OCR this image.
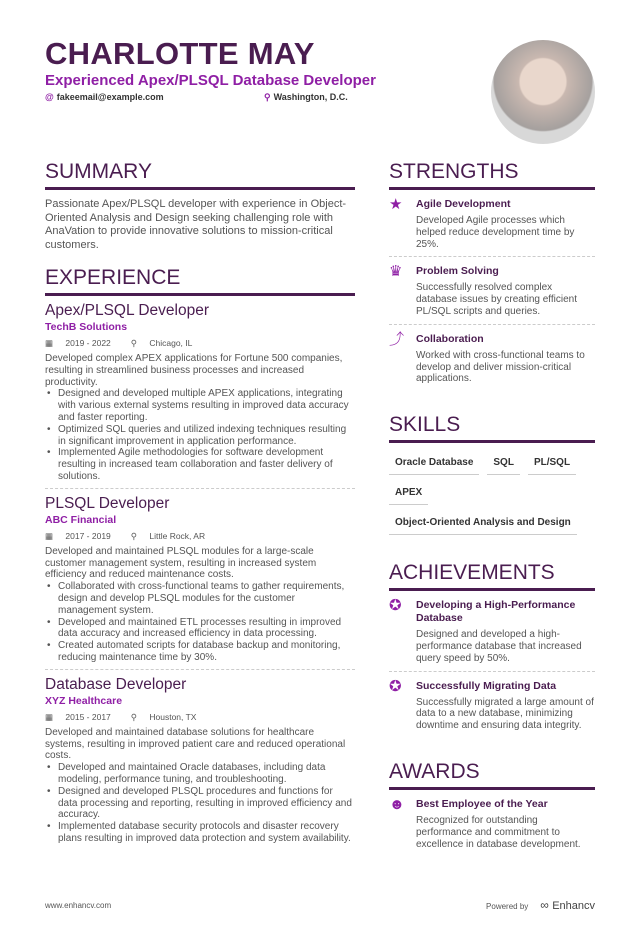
CHARLOTTE MAY
Experienced Apex/PLSQL Database Developer
@ fakeemail@example.com	⚲ Washington, D.C.
SUMMARY
Passionate Apex/PLSQL developer with experience in Object-Oriented Analysis and Design seeking challenging role with AnaVation to provide innovative solutions to mission-critical customers.
EXPERIENCE
Apex/PLSQL Developer
TechB Solutions
▦ 2019 - 2022 ⚲ Chicago, IL
Developed complex APEX applications for Fortune 500 companies, resulting in streamlined business processes and increased productivity.
• Designed and developed multiple APEX applications, integrating with various external systems resulting in improved data accuracy and faster reporting.
• Optimized SQL queries and utilized indexing techniques resulting in significant improvement in application performance.
• Implemented Agile methodologies for software development resulting in increased team collaboration and faster delivery of solutions.
PLSQL Developer
ABC Financial
▦ 2017 - 2019 ⚲ Little Rock, AR
Developed and maintained PLSQL modules for a large-scale customer management system, resulting in increased system efficiency and reduced maintenance costs.
• Collaborated with cross-functional teams to gather requirements, design and develop PLSQL modules for the customer management system.
• Developed and maintained ETL processes resulting in improved data accuracy and increased efficiency in data processing.
• Created automated scripts for database backup and monitoring, reducing maintenance time by 30%.
Database Developer
XYZ Healthcare
▦ 2015 - 2017 ⚲ Houston, TX
Developed and maintained database solutions for healthcare systems, resulting in improved patient care and reduced operational costs.
• Developed and maintained Oracle databases, including data modeling, performance tuning, and troubleshooting.
• Designed and developed PLSQL procedures and functions for data processing and reporting, resulting in improved efficiency and accuracy.
• Implemented database security protocols and disaster recovery plans resulting in improved data protection and system availability.
STRENGTHS
★	Agile Development
Developed Agile processes which helped reduce development time by 25%.
♛	Problem Solving
Successfully resolved complex database issues by creating efficient PL/SQL scripts and queries.
⤴	Collaboration
Worked with cross-functional teams to develop and deliver mission-critical applications.
SKILLS
Oracle Database	SQL	PL/SQL
APEX
Object-Oriented Analysis and Design
ACHIEVEMENTS
✪	Developing a High-Performance Database
Designed and developed a high-performance database that increased query speed by 50%.
✪	Successfully Migrating Data
Successfully migrated a large amount of data to a new database, minimizing downtime and ensuring data integrity.
AWARDS
☻	Best Employee of the Year
Recognized for outstanding performance and commitment to excellence in database development.
www.enhancv.com	Powered by ∞ Enhancv
